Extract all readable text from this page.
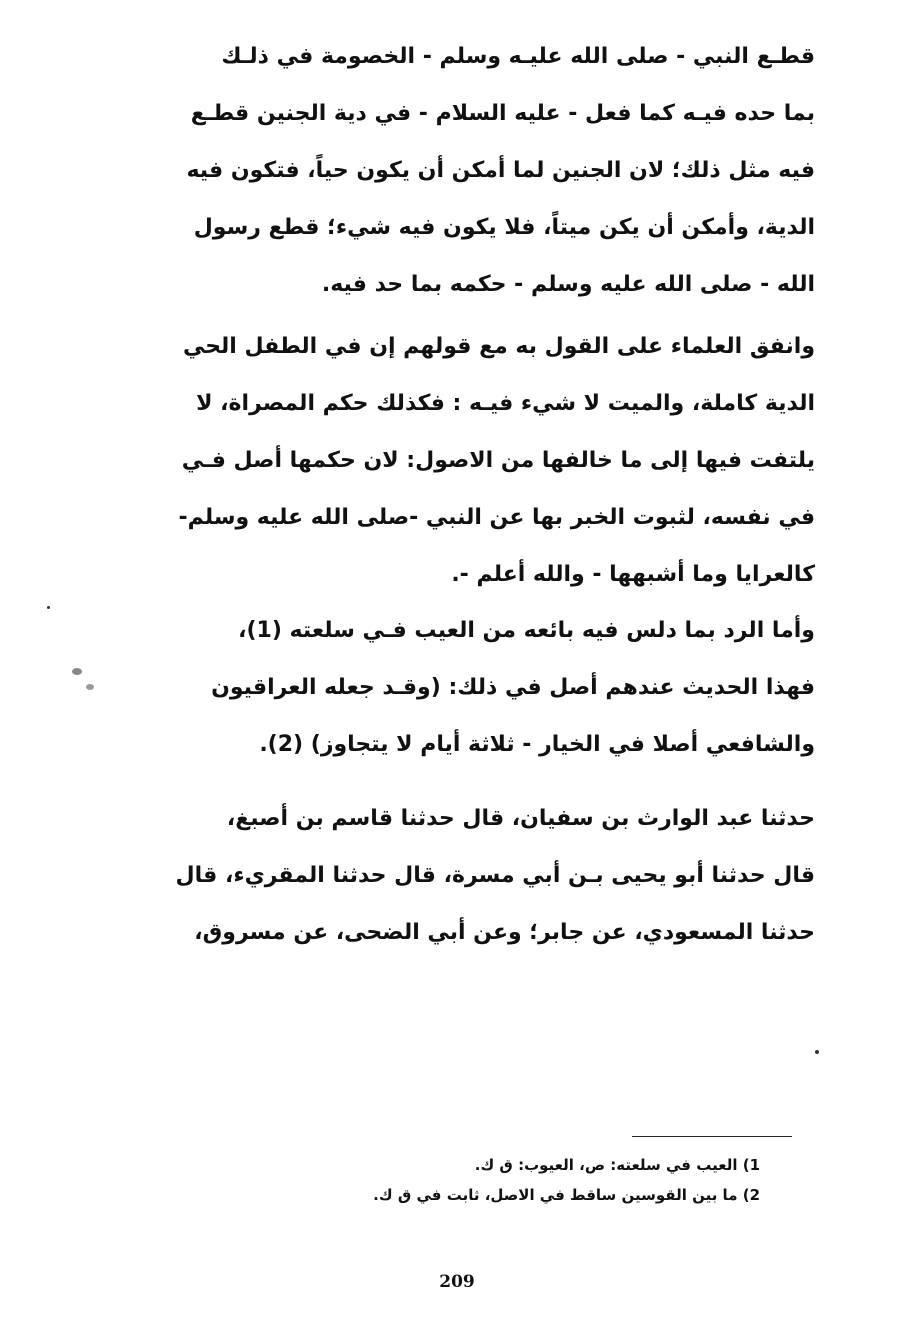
قطـع النبي - صلى الله عليـه وسلم - الخصومة في ذلـك
بما حده فيـه كما فعل - عليه السلام - في دية الجنين قطـع
فيه مثل ذلك؛ لان الجنين لما أمكن أن يكون حياً، فتكون فيه
الدية، وأمكن أن يكن ميتاً، فلا يكون فيه شيء؛ قطع رسول
الله - صلى الله عليه وسلم - حكمه بما حد فيه.
وانفق العلماء على القول به مع قولهم إن في الطفل الحي
الدية كاملة، والميت لا شيء فيـه : فكذلك حكم المصراة، لا
يلتفت فيها إلى ما خالفها من الاصول: لان حكمها أصل فـي
في نفسه، لثبوت الخبر بها عن النبي -صلى الله عليه وسلم-
كالعرايا وما أشبهها - والله أعلم -.
وأما الرد بما دلس فيه بائعه من العيب فـي سلعته (1)،
فهذا الحديث عندهم أصل في ذلك: (وقـد جعله العراقيون
والشافعي أصلا في الخيار - ثلاثة أيام لا يتجاوز) (2).
حدثنا عبد الوارث بن سفيان، قال حدثنا قاسم بن أصبغ،
قال حدثنا أبو يحيى بـن أبي مسرة، قال حدثنا المقريء، قال
حدثنا المسعودي، عن جابر؛ وعن أبي الضحى، عن مسروق،
1) العيب في سلعته: ص، العيوب: ق ك.
2) ما بين القوسين ساقط في الاصل، ثابت في ق ك.
209
